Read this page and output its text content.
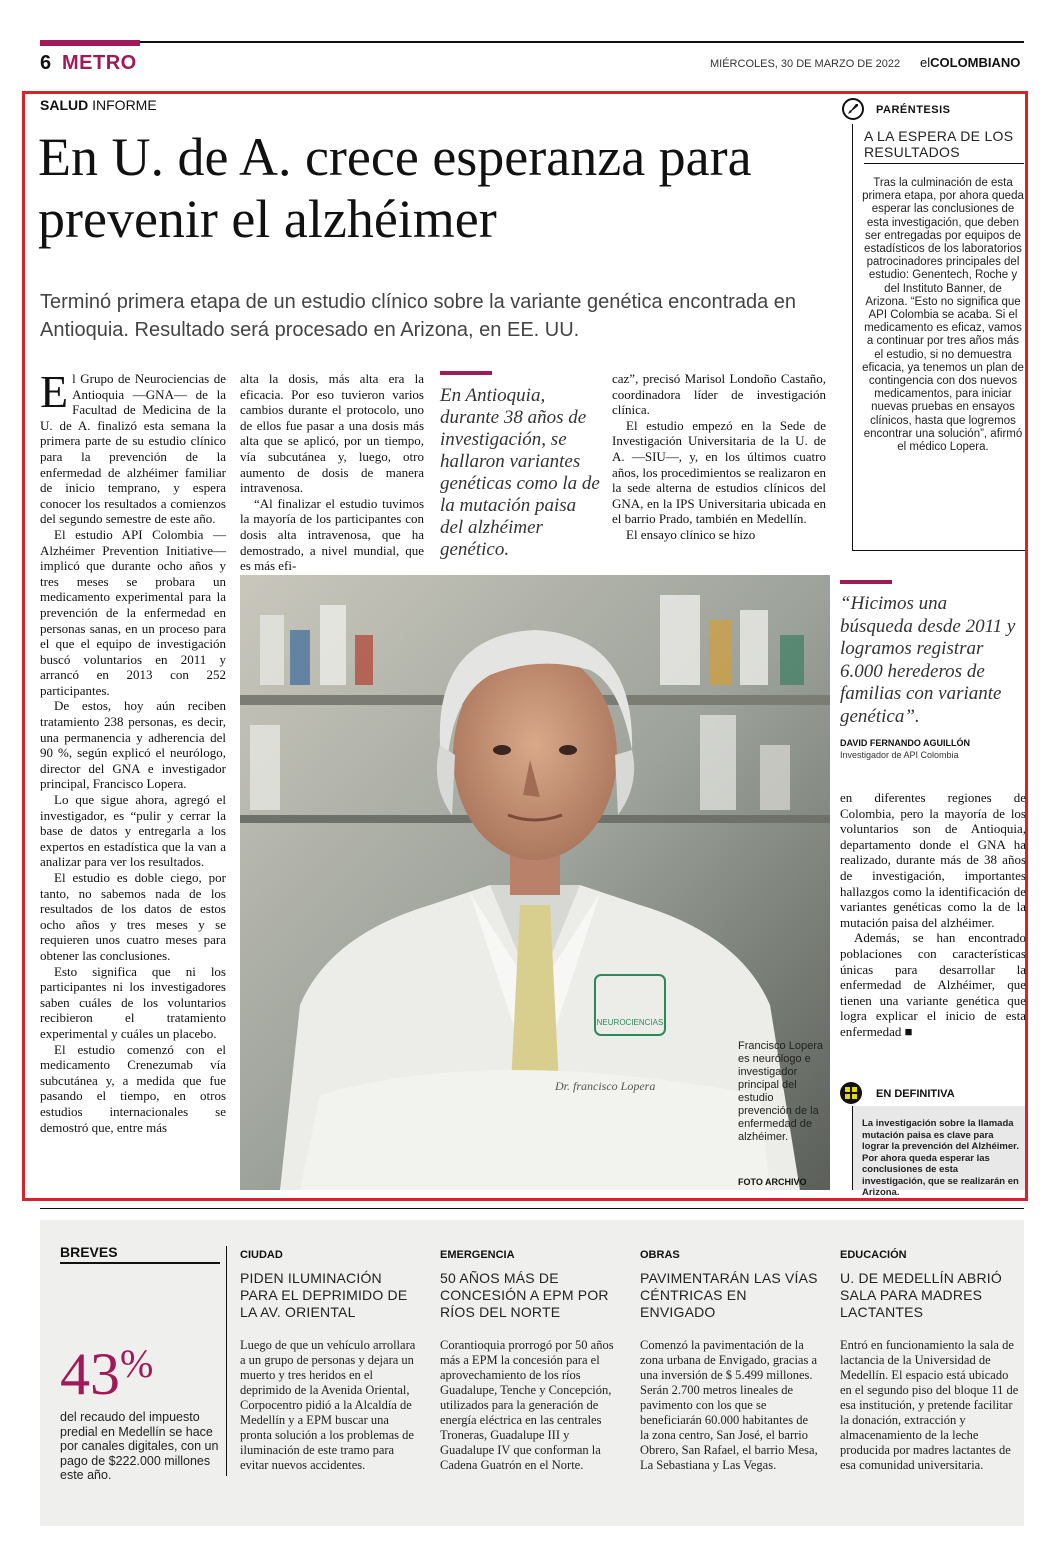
6 METRO	MIÉRCOLES, 30 DE MARZO DE 2022 elCOLOMBIANO
SALUD INFORME
En U. de A. crece esperanza para prevenir el alzhéimer
Terminó primera etapa de un estudio clínico sobre la variante genética encontrada en Antioquia. Resultado será procesado en Arizona, en EE. UU.

El Grupo de Neurociencias de Antioquia —GNA— de la Facultad de Medicina de la U. de A. finalizó esta semana la primera parte de su estudio clínico para la prevención de la enfermedad de alzhéimer familiar de inicio temprano, y espera conocer los resultados a comienzos del segundo semestre de este año.

El estudio API Colombia —Alzhéimer Prevention Initiative— implicó que durante ocho años y tres meses se probara un medicamento experimental para la prevención de la enfermedad en personas sanas, en un proceso para el que el equipo de investigación buscó voluntarios en 2011 y arrancó en 2013 con 252 participantes.

De estos, hoy aún reciben tratamiento 238 personas, es decir, una permanencia y adherencia del 90 %, según explicó el neurólogo, director del GNA e investigador principal, Francisco Lopera.

Lo que sigue ahora, agregó el investigador, es “pulir y cerrar la base de datos y entregarla a los expertos en estadística que la van a analizar para ver los resultados.

El estudio es doble ciego, por tanto, no sabemos nada de los resultados de los datos de estos ocho años y tres meses y se requieren unos cuatro meses para obtener las conclusiones.

Esto significa que ni los participantes ni los investigadores saben cuáles de los voluntarios recibieron el tratamiento experimental y cuáles un placebo.

El estudio comenzó con el medicamento Crenezumab vía subcutánea y, a medida que fue pasando el tiempo, en otros estudios internacionales se demostró que, entre más

alta la dosis, más alta era la eficacia. Por eso tuvieron varios cambios durante el protocolo, uno de ellos fue pasar a una dosis más alta que se aplicó, por un tiempo, vía subcutánea y, luego, otro aumento de dosis de manera intravenosa.

“Al finalizar el estudio tuvimos la mayoría de los participantes con dosis alta intravenosa, que ha demostrado, a nivel mundial, que es más efi-

En Antioquia, durante 38 años de investigación, se hallaron variantes genéticas como la de la mutación paisa del alzhéimer genético.

caz”, precisó Marisol Londoño Castaño, coordinadora líder de investigación clínica.

El estudio empezó en la Sede de Investigación Universitaria de la U. de A. —SIU—, y, en los últimos cuatro años, los procedimientos se realizaron en la sede alterna de estudios clínicos del GNA, en la IPS Universitaria ubicada en el barrio Prado, también en Medellín.

El ensayo clínico se hizo

NEUROCIENCIAS
Dr. francisco Lopera
Francisco Lopera es neurólogo e investigador principal del estudio prevención de la enfermedad de alzhéimer.
FOTO ARCHIVO
PARÉNTESIS
A LA ESPERA DE LOS RESULTADOS
Tras la culminación de esta primera etapa, por ahora queda esperar las conclusiones de esta investigación, que deben ser entregadas por equipos de estadísticos de los laboratorios patrocinadores principales del estudio: Genentech, Roche y del Instituto Banner, de Arizona. “Esto no significa que API Colombia se acaba. Si el medicamento es eficaz, vamos a continuar por tres años más el estudio, si no demuestra eficacia, ya tenemos un plan de contingencia con dos nuevos medicamentos, para iniciar nuevas pruebas en ensayos clínicos, hasta que logremos encontrar una solución”, afirmó el médico Lopera.
“Hicimos una búsqueda desde 2011 y logramos registrar 6.000 herederos de familias con variante genética”.
DAVID FERNANDO AGUILLÓN
Investigador de API Colombia

en diferentes regiones de Colombia, pero la mayoría de los voluntarios son de Antioquia, departamento donde el GNA ha realizado, durante más de 38 años de investigación, importantes hallazgos como la identificación de variantes genéticas como la de la mutación paisa del alzhéimer.

Además, se han encontrado poblaciones con características únicas para desarrollar la enfermedad de Alzhéimer, que tienen una variante genética que logra explicar el inicio de esta enfermedad ■

EN DEFINITIVA
La investigación sobre la llamada mutación paisa es clave para lograr la prevención del Alzhéimer. Por ahora queda esperar las conclusiones de esta investigación, que se realizarán en Arizona.
BREVES
43%
del recaudo del impuesto predial en Medellín se hace por canales digitales, con un pago de $222.000 millones este año.
CIUDAD
PIDEN ILUMINACIÓN PARA EL DEPRIMIDO DE LA AV. ORIENTAL
Luego de que un vehículo arrollara a un grupo de personas y dejara un muerto y tres heridos en el deprimido de la Avenida Oriental, Corpocentro pidió a la Alcaldía de Medellín y a EPM buscar una pronta solución a los problemas de iluminación de este tramo para evitar nuevos accidentes.
EMERGENCIA
50 AÑOS MÁS DE CONCESIÓN A EPM POR RÍOS DEL NORTE
Corantioquia prorrogó por 50 años más a EPM la concesión para el aprovechamiento de los ríos Guadalupe, Tenche y Concepción, utilizados para la generación de energía eléctrica en las centrales Troneras, Guadalupe III y Guadalupe IV que conforman la Cadena Guatrón en el Norte.
OBRAS
PAVIMENTARÁN LAS VÍAS CÉNTRICAS EN ENVIGADO
Comenzó la pavimentación de la zona urbana de Envigado, gracias a una inversión de $ 5.499 millones. Serán 2.700 metros lineales de pavimento con los que se beneficiarán 60.000 habitantes de la zona centro, San José, el barrio Obrero, San Rafael, el barrio Mesa, La Sebastiana y Las Vegas.
EDUCACIÓN
U. DE MEDELLÍN ABRIÓ SALA PARA MADRES LACTANTES
Entró en funcionamiento la sala de lactancia de la Universidad de Medellín. El espacio está ubicado en el segundo piso del bloque 11 de esa institución, y pretende facilitar la donación, extracción y almacenamiento de la leche producida por madres lactantes de esa comunidad universitaria.
